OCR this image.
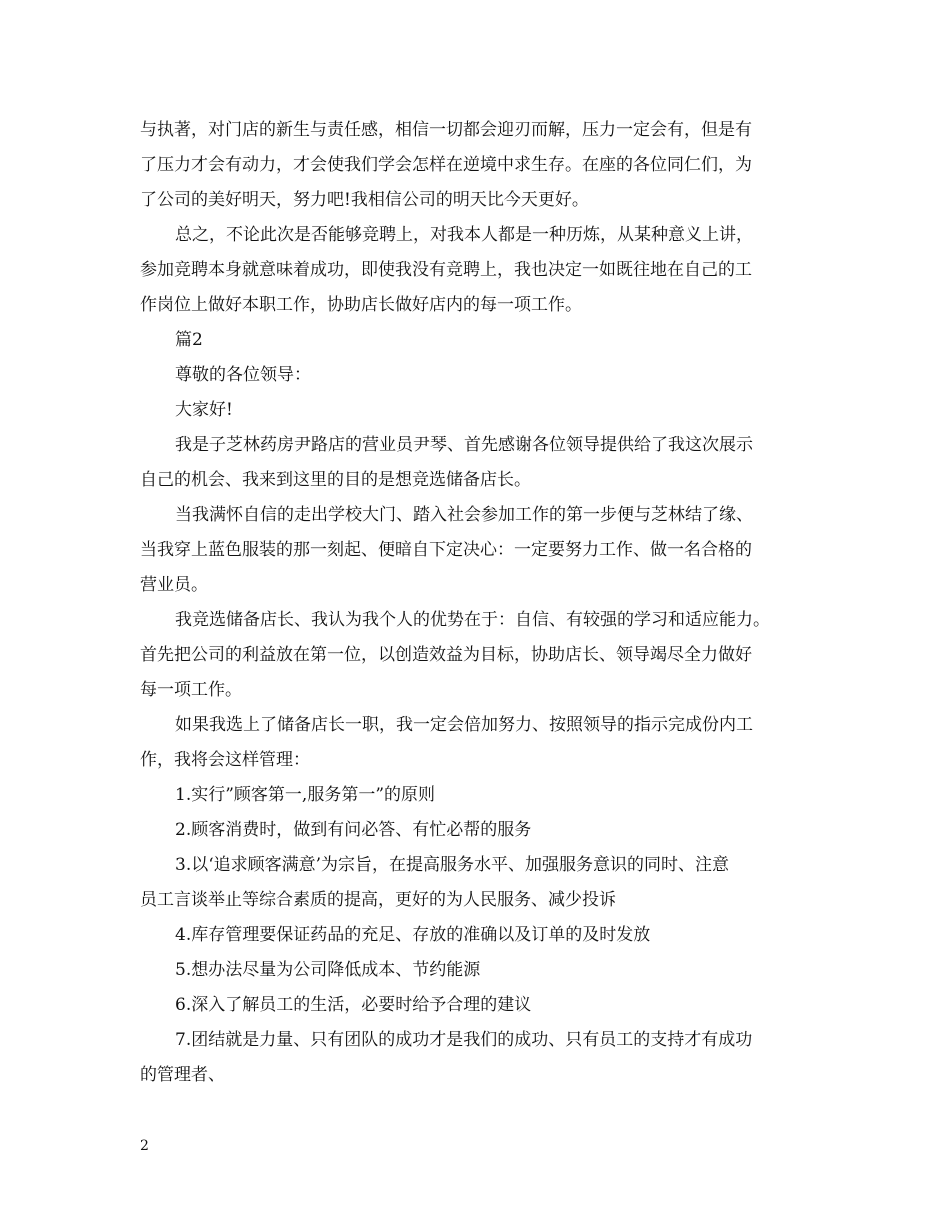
与执著，对门店的新生与责任感，相信一切都会迎刃而解，压力一定会有，但是有
了压力才会有动力，才会使我们学会怎样在逆境中求生存。在座的各位同仁们，为
了公司的美好明天，努力吧!我相信公司的明天比今天更好。
总之，不论此次是否能够竞聘上，对我本人都是一种历炼，从某种意义上讲，
参加竞聘本身就意味着成功，即使我没有竞聘上，我也决定一如既往地在自己的工
作岗位上做好本职工作，协助店长做好店内的每一项工作。
篇2
尊敬的各位领导：
大家好!
我是子芝林药房尹路店的营业员尹琴、首先感谢各位领导提供给了我这次展示
自己的机会、我来到这里的目的是想竞选储备店长。
当我满怀自信的走出学校大门、踏入社会参加工作的第一步便与芝林结了缘、
当我穿上蓝色服装的那一刻起、便暗自下定决心：一定要努力工作、做一名合格的
营业员。
我竞选储备店长、我认为我个人的优势在于：自信、有较强的学习和适应能力。
首先把公司的利益放在第一位，以创造效益为目标，协助店长、领导竭尽全力做好
每一项工作。
如果我选上了储备店长一职，我一定会倍加努力、按照领导的指示完成份内工
作，我将会这样管理：
1.实行”顾客第一,服务第一”的原则
2.顾客消费时，做到有问必答、有忙必帮的服务
3.以‘追求顾客满意’为宗旨，在提高服务水平、加强服务意识的同时、注意
员工言谈举止等综合素质的提高，更好的为人民服务、减少投诉
4.库存管理要保证药品的充足、存放的准确以及订单的及时发放
5.想办法尽量为公司降低成本、节约能源
6.深入了解员工的生活，必要时给予合理的建议
7.团结就是力量、只有团队的成功才是我们的成功、只有员工的支持才有成功
的管理者、
2
